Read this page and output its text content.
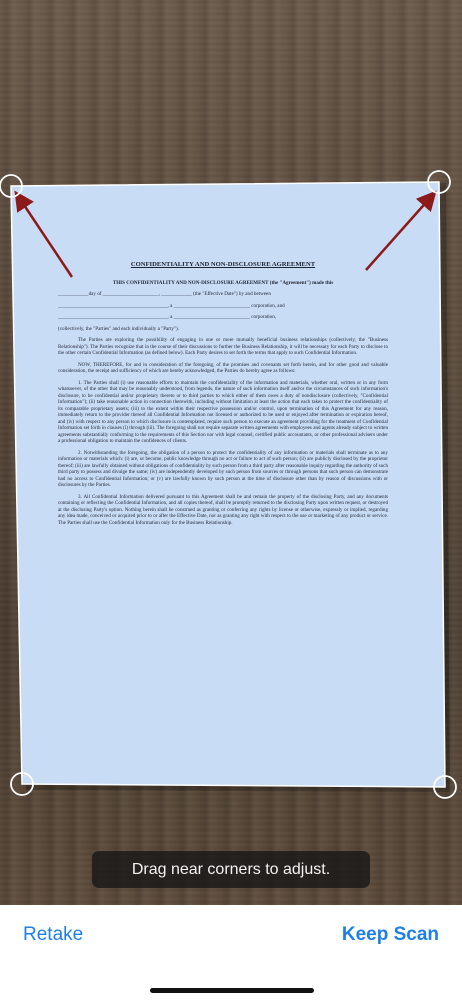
CONFIDENTIALITY AND NON-DISCLOSURE AGREEMENT

THIS CONFIDENTIALITY AND NON-DISCLOSURE AGREEMENT (the "Agreement") made this

____________day of ______________________, ____________ (the "Effective Date") by and between

___________________________________________, a ______________________________ corporation, and

___________________________________________, a ______________________________ corporation,

(collectively, the "Parties" and each individually a "Party").

The Parties are exploring the possibility of engaging in one or more mutually beneficial business relationships (collectively, the "Business Relationship"). The Parties recognize that in the course of their discussions to further the Business Relationship, it will be necessary for each Party to disclose to the other certain Confidential Information (as defined below). Each Party desires to set forth the terms that apply to such Confidential Information.

NOW, THEREFORE, for and in consideration of the foregoing, of the promises and covenants set forth herein, and for other good and valuable consideration, the receipt and sufficiency of which are hereby acknowledged, the Parties do hereby agree as follows:

1. The Parties shall (i) use reasonable efforts to maintain the confidentiality of the information and materials, whether oral, written or in any form whatsoever, of the other that may be reasonably understood, from legends, the nature of such information itself and/or the circumstances of such information's disclosure, to be confidential and/or proprietary thereto or to third parties to which either of them owes a duty of nondisclosure (collectively, "Confidential Information"); (ii) take reasonable action in connection therewith, including without limitation at least the action that each takes to protect the confidentiality of its comparable proprietary assets; (iii) to the extent within their respective possession and/or control, upon termination of this Agreement for any reason, immediately return to the provider thereof all Confidential Information not licensed or authorized to be used or enjoyed after termination or expiration hereof, and (iv) with respect to any person to which disclosure is contemplated, require such person to execute an agreement providing for the treatment of Confidential Information set forth in clauses (i) through (iii). The foregoing shall not require separate written agreements with employees and agents already subject to written agreements substantially conforming to the requirements of this Section nor with legal counsel, certified public accountants, or other professional advisers under a professional obligation to maintain the confidences of clients.

2. Notwithstanding the foregoing, the obligation of a person to protect the confidentiality of any information or materials shall terminate as to any information or materials which: (i) are, or become, public knowledge through no act or failure to act of such person; (ii) are publicly disclosed by the proprietor thereof; (iii) are lawfully obtained without obligations of confidentiality by such person from a third party after reasonable inquiry regarding the authority of such third party to possess and divulge the same; (iv) are independently developed by such person from sources or through persons that such person can demonstrate had no access to Confidential Information; or (v) are lawfully known by such person at the time of disclosure other than by reason of discussions with or disclosures by the Parties.

3. All Confidential Information delivered pursuant to this Agreement shall be and remain the property of the disclosing Party, and any documents containing or reflecting the Confidential Information, and all copies thereof, shall be promptly returned to the disclosing Party upon written request, or destroyed at the disclosing Party's option. Nothing herein shall be construed as granting or conferring any rights by license or otherwise, expressly or implied, regarding any idea made, conceived or acquired prior to or after the Effective Date, nor as granting any right with respect to the use or marketing of any product or service. The Parties shall use the Confidential Information only for the Business Relationship.

Drag near corners to adjust.
Retake	Keep Scan
